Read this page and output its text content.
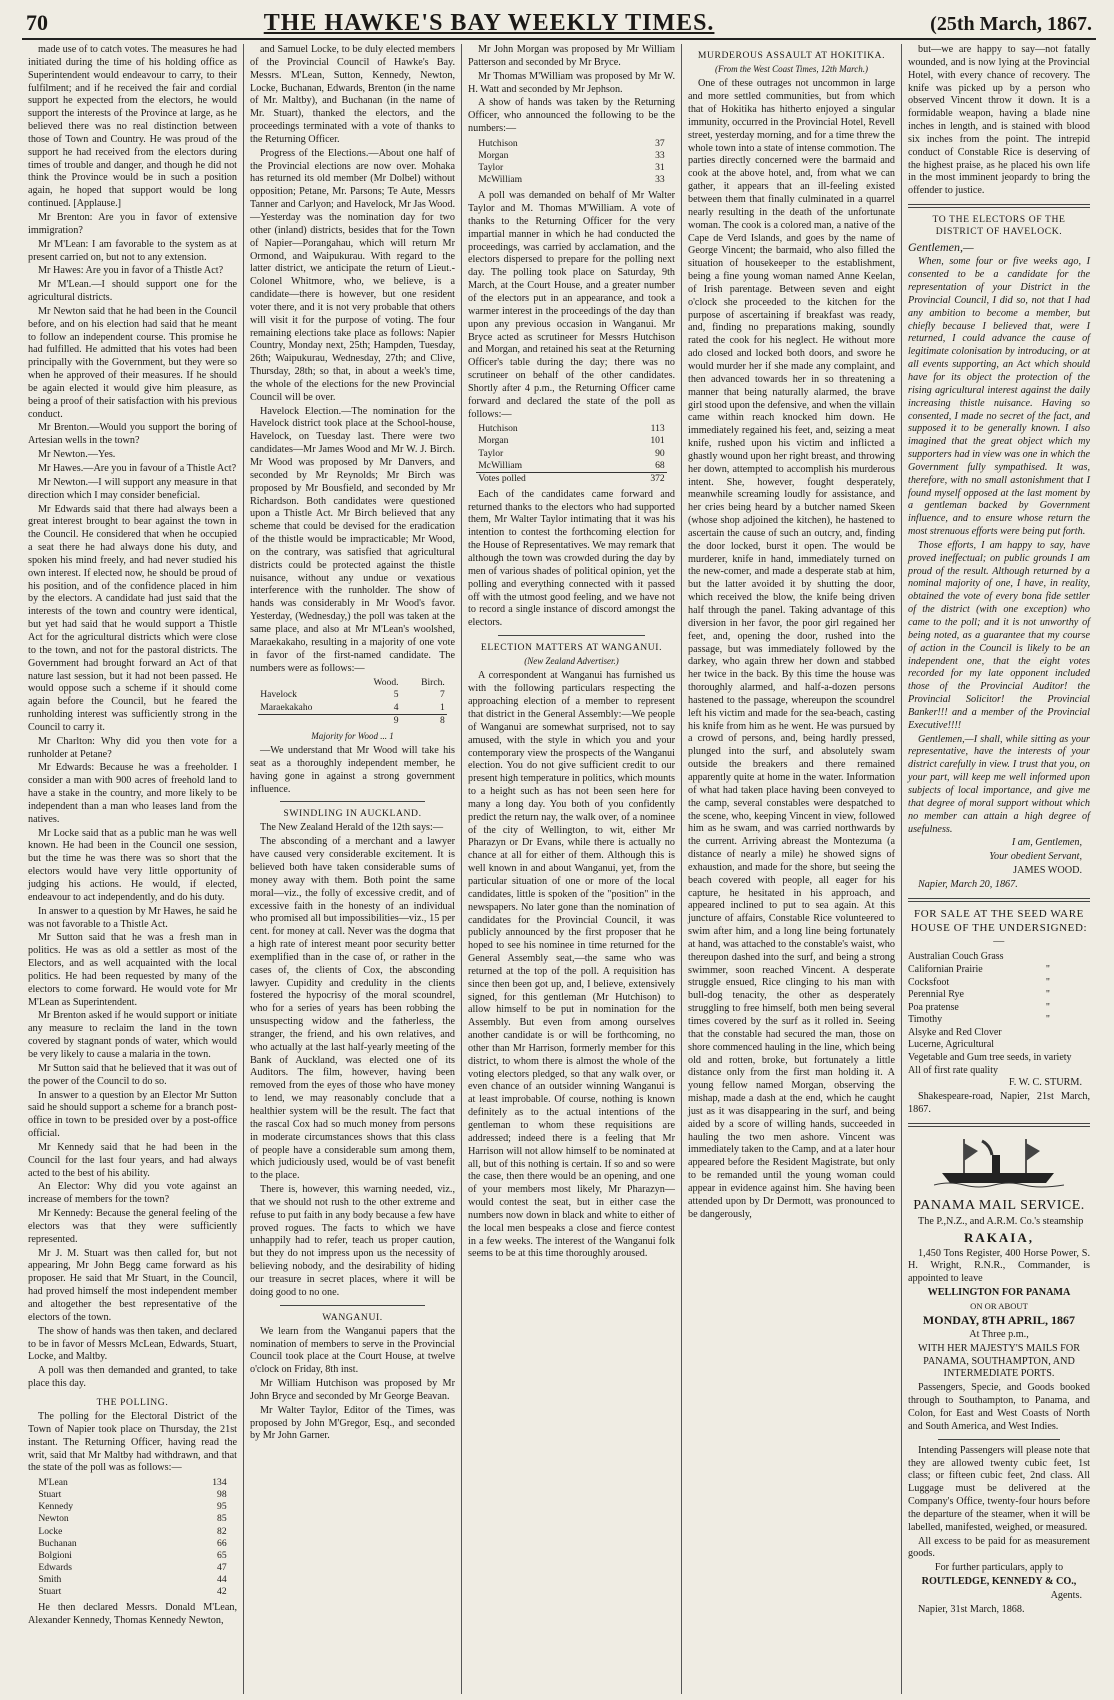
70	THE HAWKE'S BAY WEEKLY TIMES.	(25th March, 1867.

made use of to catch votes. The measures he had initiated during the time of his holding office as Superintendent would endeavour to carry, to their fulfilment; and if he received the fair and cordial support he expected from the electors, he would support the interests of the Province at large, as he believed there was no real distinction between those of Town and Country. He was proud of the support he had received from the electors during times of trouble and danger, and though he did not think the Province would be in such a position again, he hoped that support would be long continued. [Applause.]

Mr Brenton: Are you in favor of extensive immigration?

Mr M'Lean: I am favorable to the system as at present carried on, but not to any extension.

Mr Hawes: Are you in favor of a Thistle Act?

Mr M'Lean.—I should support one for the agricultural districts.

Mr Newton said that he had been in the Council before, and on his election had said that he meant to follow an independent course. This promise he had fulfilled. He admitted that his votes had been principally with the Government, but they were so when he approved of their measures. If he should be again elected it would give him pleasure, as being a proof of their satisfaction with his previous conduct.

Mr Brenton.—Would you support the boring of Artesian wells in the town?

Mr Newton.—Yes.

Mr Hawes.—Are you in favour of a Thistle Act?

Mr Newton.—I will support any measure in that direction which I may consider beneficial.

Mr Edwards said that there had always been a great interest brought to bear against the town in the Council. He considered that when he occupied a seat there he had always done his duty, and spoken his mind freely, and had never studied his own interest. If elected now, he should be proud of his position, and of the confidence placed in him by the electors. A candidate had just said that the interests of the town and country were identical, but yet had said that he would support a Thistle Act for the agricultural districts which were close to the town, and not for the pastoral districts. The Government had brought forward an Act of that nature last session, but it had not been passed. He would oppose such a scheme if it should come again before the Council, but he feared the runholding interest was sufficiently strong in the Council to carry it.

Mr Charlton: Why did you then vote for a runholder at Petane?

Mr Edwards: Because he was a freeholder. I consider a man with 900 acres of freehold land to have a stake in the country, and more likely to be independent than a man who leases land from the natives.

Mr Locke said that as a public man he was well known. He had been in the Council one session, but the time he was there was so short that the electors would have very little opportunity of judging his actions. He would, if elected, endeavour to act independently, and do his duty.

In answer to a question by Mr Hawes, he said he was not favorable to a Thistle Act.

Mr Sutton said that he was a fresh man in politics. He was as old a settler as most of the Electors, and as well acquainted with the local politics. He had been requested by many of the electors to come forward. He would vote for Mr M'Lean as Superintendent.

Mr Brenton asked if he would support or initiate any measure to reclaim the land in the town covered by stagnant ponds of water, which would be very likely to cause a malaria in the town.

Mr Sutton said that he believed that it was out of the power of the Council to do so.

In answer to a question by an Elector Mr Sutton said he should support a scheme for a branch post-office in town to be presided over by a post-office official.

Mr Kennedy said that he had been in the Council for the last four years, and had always acted to the best of his ability.

An Elector: Why did you vote against an increase of members for the town?

Mr Kennedy: Because the general feeling of the electors was that they were sufficiently represented.

Mr J. M. Stuart was then called for, but not appearing, Mr John Begg came forward as his proposer. He said that Mr Stuart, in the Council, had proved himself the most independent member and altogether the best representative of the electors of the town.

The show of hands was then taken, and declared to be in favor of Messrs McLean, Edwards, Stuart, Locke, and Maltby.

A poll was then demanded and granted, to take place this day.

THE POLLING.

The polling for the Electoral District of the Town of Napier took place on Thursday, the 21st instant. The Returning Officer, having read the writ, said that Mr Maltby had withdrawn, and that the state of the poll was as follows:—

M'Lean	134
Stuart	98
Kennedy	95
Newton	85
Locke	82
Buchanan	66
Bolgioni	65
Edwards	47
Smith	44
Stuart	42

He then declared Messrs. Donald M'Lean, Alexander Kennedy, Thomas Kennedy Newton,

and Samuel Locke, to be duly elected members of the Provincial Council of Hawke's Bay. Messrs. M'Lean, Sutton, Kennedy, Newton, Locke, Buchanan, Edwards, Brenton (in the name of Mr. Maltby), and Buchanan (in the name of Mr. Stuart), thanked the electors, and the proceedings terminated with a vote of thanks to the Returning Officer.

Progress of the Elections.—About one half of the Provincial elections are now over. Mohaka has returned its old member (Mr Dolbel) without opposition; Petane, Mr. Parsons; Te Aute, Messrs Tanner and Carlyon; and Havelock, Mr Jas Wood.—Yesterday was the nomination day for two other (inland) districts, besides that for the Town of Napier—Porangahau, which will return Mr Ormond, and Waipukurau. With regard to the latter district, we anticipate the return of Lieut.-Colonel Whitmore, who, we believe, is a candidate—there is however, but one resident voter there, and it is not very probable that others will visit it for the purpose of voting. The four remaining elections take place as follows: Napier Country, Monday next, 25th; Hampden, Tuesday, 26th; Waipukurau, Wednesday, 27th; and Clive, Thursday, 28th; so that, in about a week's time, the whole of the elections for the new Provincial Council will be over.

Havelock Election.—The nomination for the Havelock district took place at the School-house, Havelock, on Tuesday last. There were two candidates—Mr James Wood and Mr W. J. Birch. Mr Wood was proposed by Mr Danvers, and seconded by Mr Reynolds; Mr Birch was proposed by Mr Bousfield, and seconded by Mr Richardson. Both candidates were questioned upon a Thistle Act. Mr Birch believed that any scheme that could be devised for the eradication of the thistle would be impracticable; Mr Wood, on the contrary, was satisfied that agricultural districts could be protected against the thistle nuisance, without any undue or vexatious interference with the runholder. The show of hands was considerably in Mr Wood's favor. Yesterday, (Wednesday,) the poll was taken at the same place, and also at Mr M'Lean's woolshed, Maraekakaho, resulting in a majority of one vote in favor of the first-named candidate. The numbers were as follows:—

	Wood.	Birch.
Havelock	5	7
Maraekakaho	4	1
	9	8

Majority for Wood ... 1

—We understand that Mr Wood will take his seat as a thoroughly independent member, he having gone in against a strong government influence.

SWINDLING IN AUCKLAND.

The New Zealand Herald of the 12th says:—

The absconding of a merchant and a lawyer have caused very considerable excitement. It is believed both have taken considerable sums of money away with them. Both point the same moral—viz., the folly of excessive credit, and of excessive faith in the honesty of an individual who promised all but impossibilities—viz., 15 per cent. for money at call. Never was the dogma that a high rate of interest meant poor security better exemplified than in the case of, or rather in the cases of, the clients of Cox, the absconding lawyer. Cupidity and credulity in the clients fostered the hypocrisy of the moral scoundrel, who for a series of years has been robbing the unsuspecting widow and the fatherless, the stranger, the friend, and his own relatives, and who actually at the last half-yearly meeting of the Bank of Auckland, was elected one of its Auditors. The film, however, having been removed from the eyes of those who have money to lend, we may reasonably conclude that a healthier system will be the result. The fact that the rascal Cox had so much money from persons in moderate circumstances shows that this class of people have a considerable sum among them, which judiciously used, would be of vast benefit to the place.

There is, however, this warning needed, viz., that we should not rush to the other extreme and refuse to put faith in any body because a few have proved rogues. The facts to which we have unhappily had to refer, teach us proper caution, but they do not impress upon us the necessity of believing nobody, and the desirability of hiding our treasure in secret places, where it will be doing good to no one.

WANGANUI.

We learn from the Wanganui papers that the nomination of members to serve in the Provincial Council took place at the Court House, at twelve o'clock on Friday, 8th inst.

Mr William Hutchison was proposed by Mr John Bryce and seconded by Mr George Beavan.

Mr Walter Taylor, Editor of the Times, was proposed by John M'Gregor, Esq., and seconded by Mr John Garner.

Mr John Morgan was proposed by Mr William Patterson and seconded by Mr Bryce.

Mr Thomas M'William was proposed by Mr W. H. Watt and seconded by Mr Jephson.

A show of hands was taken by the Returning Officer, who announced the following to be the numbers:—

Hutchison	37
Morgan	33
Taylor	31
McWilliam	33

A poll was demanded on behalf of Mr Walter Taylor and M. Thomas M'William. A vote of thanks to the Returning Officer for the very impartial manner in which he had conducted the proceedings, was carried by acclamation, and the electors dispersed to prepare for the polling next day. The polling took place on Saturday, 9th March, at the Court House, and a greater number of the electors put in an appearance, and took a warmer interest in the proceedings of the day than upon any previous occasion in Wanganui. Mr Bryce acted as scrutineer for Messrs Hutchison and Morgan, and retained his seat at the Returning Officer's table during the day; there was no scrutineer on behalf of the other candidates. Shortly after 4 p.m., the Returning Officer came forward and declared the state of the poll as follows:—

Hutchison	113
Morgan	101
Taylor	90
McWilliam	68
Votes polled	372

Each of the candidates came forward and returned thanks to the electors who had supported them, Mr Walter Taylor intimating that it was his intention to contest the forthcoming election for the House of Representatives. We may remark that although the town was crowded during the day by men of various shades of political opinion, yet the polling and everything connected with it passed off with the utmost good feeling, and we have not to record a single instance of discord amongst the electors.

ELECTION MATTERS AT WANGANUI.
(New Zealand Advertiser.)

A correspondent at Wanganui has furnished us with the following particulars respecting the approaching election of a member to represent that district in the General Assembly:—We people of Wanganui are somewhat surprised, not to say amused, with the style in which you and your contemporary view the prospects of the Wanganui election. You do not give sufficient credit to our present high temperature in politics, which mounts to a height such as has not been seen here for many a long day. You both of you confidently predict the return nay, the walk over, of a nominee of the city of Wellington, to wit, either Mr Pharazyn or Dr Evans, while there is actually no chance at all for either of them. Although this is well known in and about Wanganui, yet, from the particular situation of one or more of the local candidates, little is spoken of the "position" in the newspapers. No later gone than the nomination of candidates for the Provincial Council, it was publicly announced by the first proposer that he hoped to see his nominee in time returned for the General Assembly seat,—the same who was returned at the top of the poll. A requisition has since then been got up, and, I believe, extensively signed, for this gentleman (Mr Hutchison) to allow himself to be put in nomination for the Assembly. But even from among ourselves another candidate is or will be forthcoming, no other than Mr Harrison, formerly member for this district, to whom there is almost the whole of the voting electors pledged, so that any walk over, or even chance of an outsider winning Wanganui is at least improbable. Of course, nothing is known definitely as to the actual intentions of the gentleman to whom these requisitions are addressed; indeed there is a feeling that Mr Harrison will not allow himself to be nominated at all, but of this nothing is certain. If so and so were the case, then there would be an opening, and one of your members most likely, Mr Pharazyn—would contest the seat, but in either case the numbers now down in black and white to either of the local men bespeaks a close and fierce contest in a few weeks. The interest of the Wanganui folk seems to be at this time thoroughly aroused.

MURDEROUS ASSAULT AT HOKITIKA.
(From the West Coast Times, 12th March.)

One of these outrages not uncommon in large and more settled communities, but from which that of Hokitika has hitherto enjoyed a singular immunity, occurred in the Provincial Hotel, Revell street, yesterday morning, and for a time threw the whole town into a state of intense commotion. The parties directly concerned were the barmaid and cook at the above hotel, and, from what we can gather, it appears that an ill-feeling existed between them that finally culminated in a quarrel nearly resulting in the death of the unfortunate woman. The cook is a colored man, a native of the Cape de Verd Islands, and goes by the name of George Vincent; the barmaid, who also filled the situation of housekeeper to the establishment, being a fine young woman named Anne Keelan, of Irish parentage. Between seven and eight o'clock she proceeded to the kitchen for the purpose of ascertaining if breakfast was ready, and, finding no preparations making, soundly rated the cook for his neglect. He without more ado closed and locked both doors, and swore he would murder her if she made any complaint, and then advanced towards her in so threatening a manner that being naturally alarmed, the brave girl stood upon the defensive, and when the villain came within reach knocked him down. He immediately regained his feet, and, seizing a meat knife, rushed upon his victim and inflicted a ghastly wound upon her right breast, and throwing her down, attempted to accomplish his murderous intent. She, however, fought desperately, meanwhile screaming loudly for assistance, and her cries being heard by a butcher named Skeen (whose shop adjoined the kitchen), he hastened to ascertain the cause of such an outcry, and, finding the door locked, burst it open. The would be murderer, knife in hand, immediately turned on the new-comer, and made a desperate stab at him, but the latter avoided it by shutting the door, which received the blow, the knife being driven half through the panel. Taking advantage of this diversion in her favor, the poor girl regained her feet, and, opening the door, rushed into the passage, but was immediately followed by the darkey, who again threw her down and stabbed her twice in the back. By this time the house was thoroughly alarmed, and half-a-dozen persons hastened to the passage, whereupon the scoundrel left his victim and made for the sea-beach, casting his knife from him as he went. He was pursued by a crowd of persons, and, being hardly pressed, plunged into the surf, and absolutely swam outside the breakers and there remained apparently quite at home in the water. Information of what had taken place having been conveyed to the camp, several constables were despatched to the scene, who, keeping Vincent in view, followed him as he swam, and was carried northwards by the current. Arriving abreast the Montezuma (a distance of nearly a mile) he showed signs of exhaustion, and made for the shore, but seeing the beach covered with people, all eager for his capture, he hesitated in his approach, and appeared inclined to put to sea again. At this juncture of affairs, Constable Rice volunteered to swim after him, and a long line being fortunately at hand, was attached to the constable's waist, who thereupon dashed into the surf, and being a strong swimmer, soon reached Vincent. A desperate struggle ensued, Rice clinging to his man with bull-dog tenacity, the other as desperately struggling to free himself, both men being several times covered by the surf as it rolled in. Seeing that the constable had secured the man, those on shore commenced hauling in the line, which being old and rotten, broke, but fortunately a little distance only from the first man holding it. A young fellow named Morgan, observing the mishap, made a dash at the end, which he caught just as it was disappearing in the surf, and being aided by a score of willing hands, succeeded in hauling the two men ashore. Vincent was immediately taken to the Camp, and at a later hour appeared before the Resident Magistrate, but only to be remanded until the young woman could appear in evidence against him. She having been attended upon by Dr Dermott, was pronounced to be dangerously,

but—we are happy to say—not fatally wounded, and is now lying at the Provincial Hotel, with every chance of recovery. The knife was picked up by a person who observed Vincent throw it down. It is a formidable weapon, having a blade nine inches in length, and is stained with blood six inches from the point. The intrepid conduct of Constable Rice is deserving of the highest praise, as he placed his own life in the most imminent jeopardy to bring the offender to justice.

TO THE ELECTORS OF THE DISTRICT OF HAVELOCK.

Gentlemen,—

When, some four or five weeks ago, I consented to be a candidate for the representation of your District in the Provincial Council, I did so, not that I had any ambition to become a member, but chiefly because I believed that, were I returned, I could advance the cause of legitimate colonisation by introducing, or at all events supporting, an Act which should have for its object the protection of the rising agricultural interest against the daily increasing thistle nuisance. Having so consented, I made no secret of the fact, and supposed it to be generally known. I also imagined that the great object which my supporters had in view was one in which the Government fully sympathised. It was, therefore, with no small astonishment that I found myself opposed at the last moment by a gentleman backed by Government influence, and to ensure whose return the most strenuous efforts were being put forth.

Those efforts, I am happy to say, have proved ineffectual; on public grounds I am proud of the result. Although returned by a nominal majority of one, I have, in reality, obtained the vote of every bona fide settler of the district (with one exception) who came to the poll; and it is not unworthy of being noted, as a guarantee that my course of action in the Council is likely to be an independent one, that the eight votes recorded for my late opponent included those of the Provincial Auditor! the Provincial Solicitor! the Provincial Banker!!! and a member of the Provincial Executive!!!!

Gentlemen,—I shall, while sitting as your representative, have the interests of your district carefully in view. I trust that you, on your part, will keep me well informed upon subjects of local importance, and give me that degree of moral support without which no member can attain a high degree of usefulness.

I am, Gentlemen,

Your obedient Servant,

JAMES WOOD.

Napier, March 20, 1867.

FOR SALE AT THE SEED WARE HOUSE OF THE UNDERSIGNED:—
Australian Couch Grass
Californian Prairie	"
Cocksfoot	"
Perennial Rye	"
Poa pratense	"
Timothy	"
Alsyke and Red Clover
Lucerne, Agricultural
Vegetable and Gum tree seeds, in variety
All of first rate quality

F. W. C. STURM.

Shakespeare-road, Napier, 21st March, 1867.

PANAMA MAIL SERVICE.

The P.,N.Z., and A.R.M. Co.'s steamship

RAKAIA,

1,450 Tons Register, 400 Horse Power, S. H. Wright, R.N.R., Commander, is appointed to leave

WELLINGTON FOR PANAMA

ON OR ABOUT

MONDAY, 8TH APRIL, 1867

At Three p.m.,

WITH HER MAJESTY'S MAILS FOR PANAMA, SOUTHAMPTON, AND INTERMEDIATE PORTS.

Passengers, Specie, and Goods booked through to Southampton, to Panama, and Colon, for East and West Coasts of North and South America, and West Indies.

Intending Passengers will please note that they are allowed twenty cubic feet, 1st class; or fifteen cubic feet, 2nd class. All Luggage must be delivered at the Company's Office, twenty-four hours before the departure of the steamer, when it will be labelled, manifested, weighed, or measured.

All excess to be paid for as measurement goods.

For further particulars, apply to

ROUTLEDGE, KENNEDY & CO.,

Agents.

Napier, 31st March, 1868.
